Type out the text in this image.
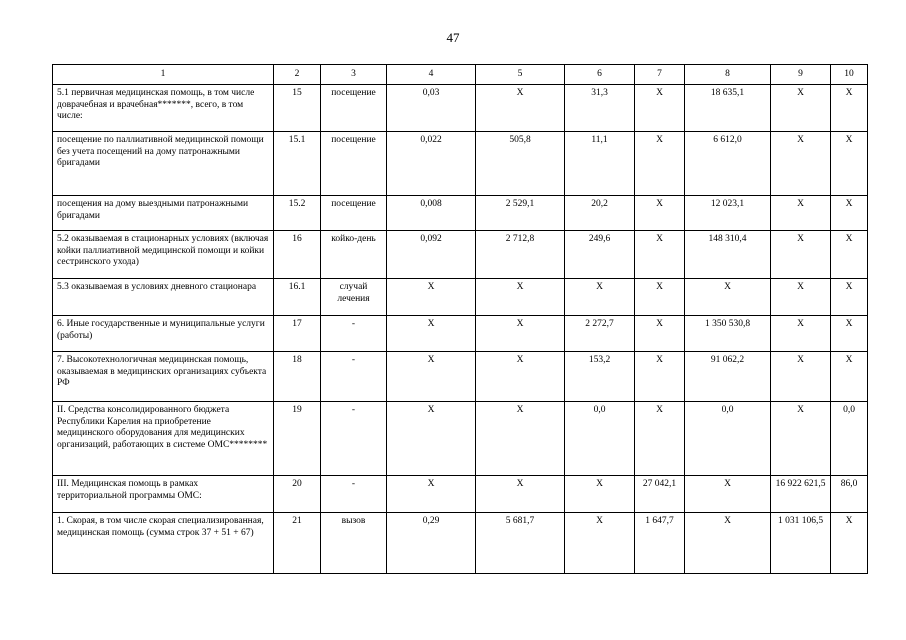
47
1	2	3	4	5	6	7	8	9	10
5.1 первичная медицинская помощь, в том числе доврачебная и врачебная*******, всего, в том числе:	15	посещение	0,03	X	31,3	X	18 635,1	X	X
посещение по паллиативной медицинской помощи без учета посещений на дому патронажными бригадами	15.1	посещение	0,022	505,8	11,1	X	6 612,0	X	X
посещения на дому выездными патронажными бригадами	15.2	посещение	0,008	2 529,1	20,2	X	12 023,1	X	X
5.2 оказываемая в стационарных условиях (включая койки паллиативной медицинской помощи и койки сестринского ухода)	16	койко-день	0,092	2 712,8	249,6	X	148 310,4	X	X
5.3 оказываемая в условиях дневного стационара	16.1	случай лечения	X	X	X	X	X	X	X
6. Иные государственные и муниципальные услуги (работы)	17	-	X	X	2 272,7	X	1 350 530,8	X	X
7. Высокотехнологичная медицинская помощь, оказываемая в медицинских организациях субъекта РФ	18	-	X	X	153,2	X	91 062,2	X	X
II. Средства консолидированного бюджета Республики Карелия на приобретение медицинского оборудования для медицинских организаций, работающих в системе ОМС********	19	-	X	X	0,0	X	0,0	X	0,0
III. Медицинская помощь в рамках территориальной программы ОМС:	20	-	X	X	X	27 042,1	X	16 922 621,5	86,0
1. Скорая, в том числе скорая специализированная, медицинская помощь (сумма строк 37 + 51 + 67)	21	вызов	0,29	5 681,7	X	1 647,7	X	1 031 106,5	X
